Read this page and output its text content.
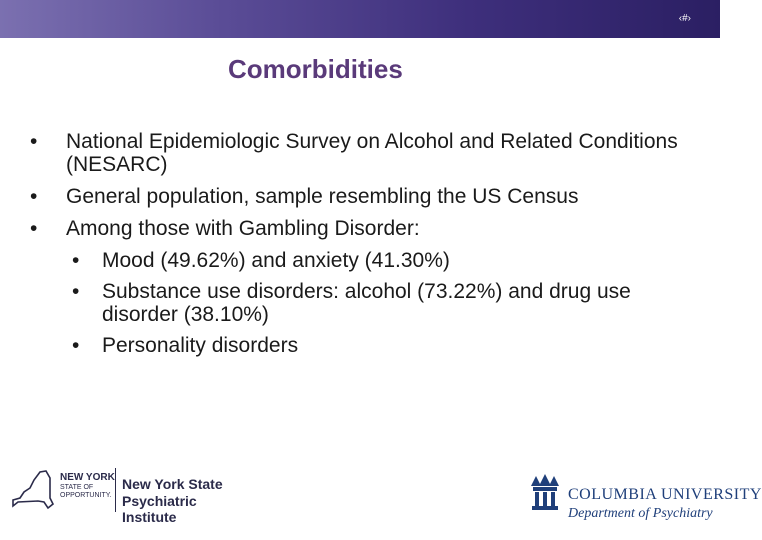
‹#›
Comorbidities
• National Epidemiologic Survey on Alcohol and Related Conditions (NESARC)
• General population, sample resembling the US Census
• Among those with Gambling Disorder:
• Mood (49.62%) and anxiety (41.30%)
• Substance use disorders: alcohol (73.22%) and drug use disorder (38.10%)
• Personality disorders
NEW YORK
STATE OF
OPPORTUNITY.
New York State
Psychiatric Institute
COLUMBIA UNIVERSITY
Department of Psychiatry
